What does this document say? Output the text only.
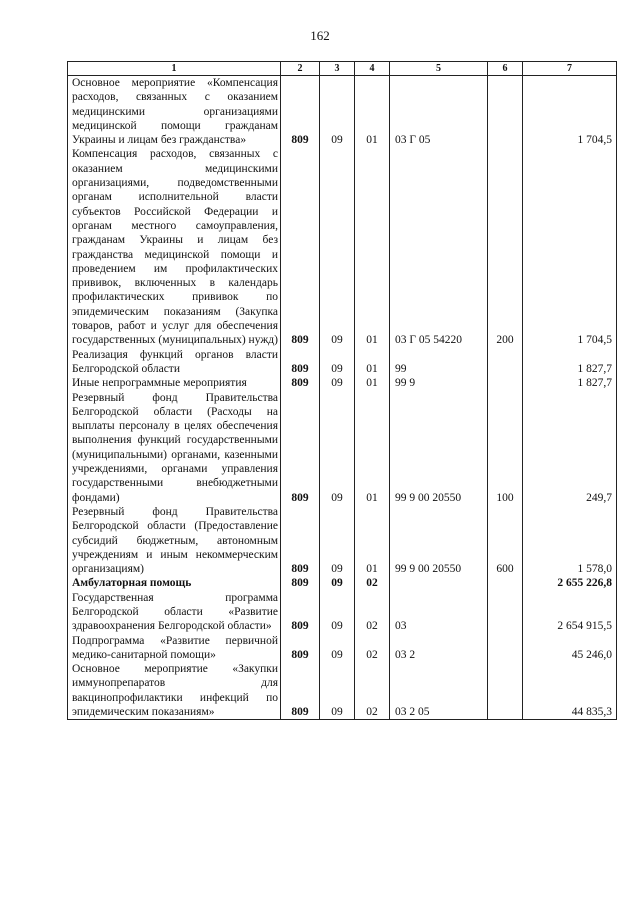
162
1	2	3	4	5	6	7
Основное мероприятие «Компенсация расходов, связанных с оказанием медицинскими организациями медицинской помощи гражданам Украины и лицам без гражданства»	809	09	01	03 Г 05		1 704,5
Компенсация расходов, связанных с оказанием медицинскими организациями, подведомственными органам исполнительной власти субъектов Российской Федерации и органам местного самоуправления, гражданам Украины и лицам без гражданства медицинской помощи и проведением им профилактических прививок, включенных в календарь профилактических прививок по эпидемическим показаниям (Закупка товаров, работ и услуг для обеспечения государственных (муниципальных) нужд)	809	09	01	03 Г 05 54220	200	1 704,5
Реализация функций органов власти Белгородской области	809	09	01	99		1 827,7
Иные непрограммные мероприятия	809	09	01	99 9		1 827,7
Резервный фонд Правительства Белгородской области (Расходы на выплаты персоналу в целях обеспечения выполнения функций государственными (муниципальными) органами, казенными учреждениями, органами управления государственными внебюджетными фондами)	809	09	01	99 9 00 20550	100	249,7
Резервный фонд Правительства Белгородской области (Предоставление субсидий бюджетным, автономным учреждениям и иным некоммерческим организациям)	809	09	01	99 9 00 20550	600	1 578,0
Амбулаторная помощь	809	09	02			2 655 226,8
Государственная программа Белгородской области «Развитие здравоохранения Белгородской области»	809	09	02	03		2 654 915,5
Подпрограмма «Развитие первичной медико-санитарной помощи»	809	09	02	03 2		45 246,0
Основное мероприятие «Закупки иммунопрепаратов для вакцинопрофилактики инфекций по эпидемическим показаниям»	809	09	02	03 2 05		44 835,3
